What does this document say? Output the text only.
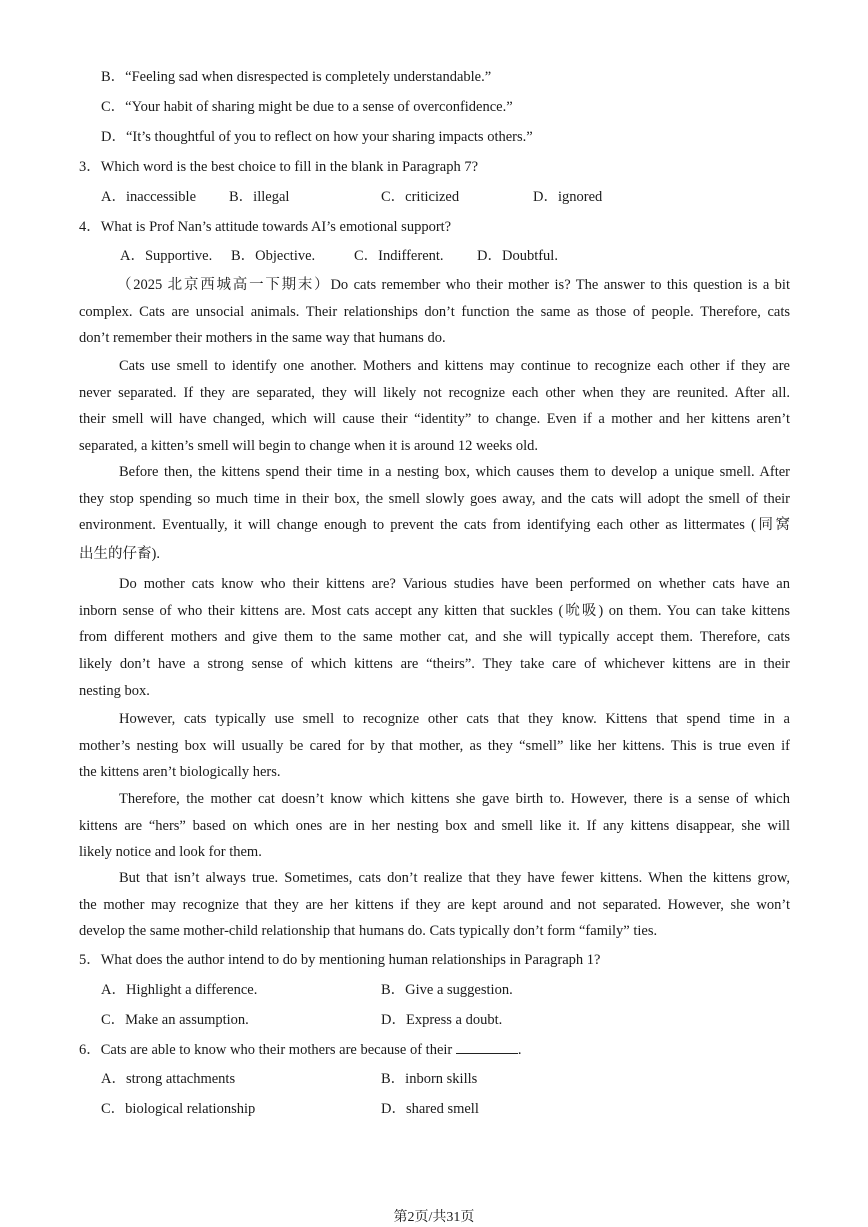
B．“Feeling sad when disrespected is completely understandable.”
C．“Your habit of sharing might be due to a sense of overconfidence.”
D．“It’s thoughtful of you to reflect on how your sharing impacts others.”
3．Which word is the best choice to fill in the blank in Paragraph 7?
A．inaccessible B．illegal	C．criticized	D．ignored
4．What is Prof Nan’s attitude towards AI’s emotional support?
A．Supportive. B．Objective.	C．Indifferent. D．Doubtful.
（2025 北京西城高一下期末）Do cats remember who their mother is? The answer to this question is a bit
complex. Cats are unsocial animals. Their relationships don’t function the same as those of people. Therefore, cats
don’t remember their mothers in the same way that humans do.
Cats use smell to identify one another. Mothers and kittens may continue to recognize each other if they are
never separated. If they are separated, they will likely not recognize each other when they are reunited. After all.
their smell will have changed, which will cause their “identity” to change. Even if a mother and her kittens aren’t
separated, a kitten’s smell will begin to change when it is around 12 weeks old.
Before then, the kittens spend their time in a nesting box, which causes them to develop a unique smell. After
they stop spending so much time in their box, the smell slowly goes away, and the cats will adopt the smell of their
environment. Eventually, it will change enough to prevent the cats from identifying each other as littermates (同窝
出生的仔畜).
Do mother cats know who their kittens are? Various studies have been performed on whether cats have an
inborn sense of who their kittens are. Most cats accept any kitten that suckles (吮吸) on them. You can take kittens
from different mothers and give them to the same mother cat, and she will typically accept them. Therefore, cats
likely don’t have a strong sense of which kittens are “theirs”. They take care of whichever kittens are in their
nesting box.
However, cats typically use smell to recognize other cats that they know. Kittens that spend time in a
mother’s nesting box will usually be cared for by that mother, as they “smell” like her kittens. This is true even if
the kittens aren’t biologically hers.
Therefore, the mother cat doesn’t know which kittens she gave birth to. However, there is a sense of which
kittens are “hers” based on which ones are in her nesting box and smell like it. If any kittens disappear, she will
likely notice and look for them.
But that isn’t always true. Sometimes, cats don’t realize that they have fewer kittens. When the kittens grow,
the mother may recognize that they are her kittens if they are kept around and not separated. However, she won’t
develop the same mother-child relationship that humans do. Cats typically don’t form “family” ties.
5．What does the author intend to do by mentioning human relationships in Paragraph 1?
A．Highlight a difference.	B．Give a suggestion.
C．Make an assumption.	D．Express a doubt.
6．Cats are able to know who their mothers are because of their	.
A．strong attachments	B．inborn skills
C．biological relationship	D．shared smell
第2页/共31页
